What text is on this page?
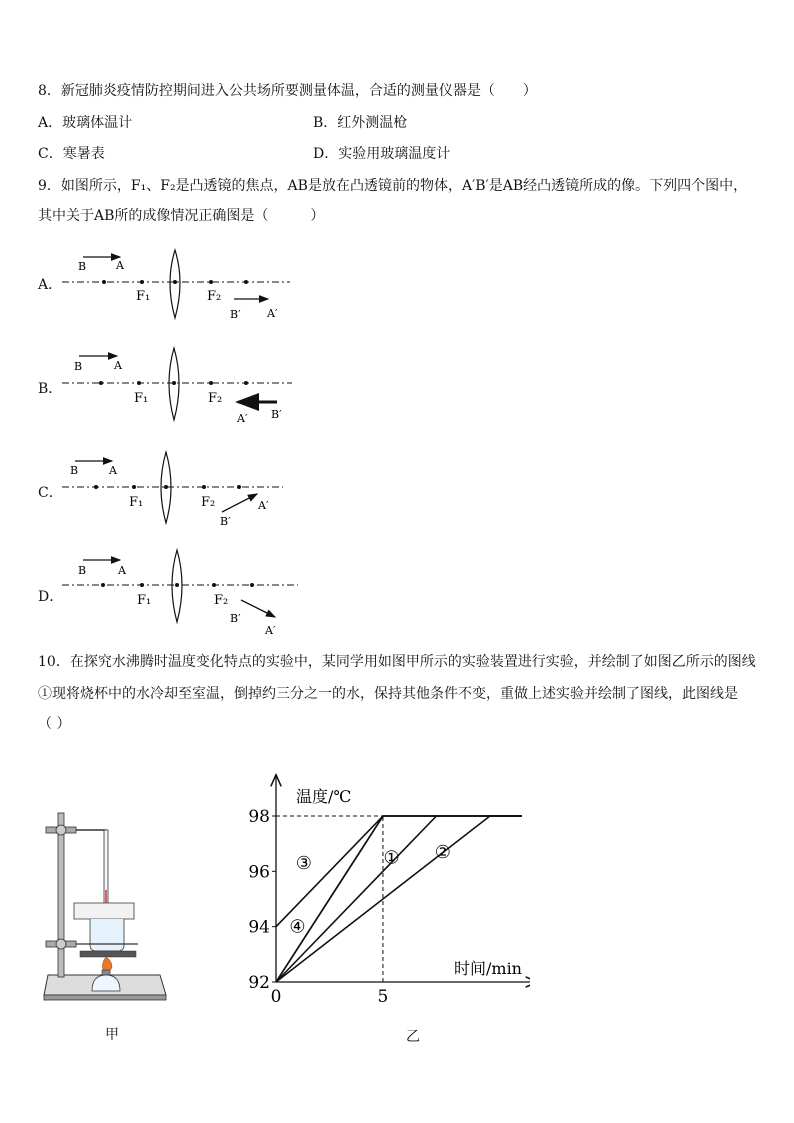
8．新冠肺炎疫情防控期间进入公共场所要测量体温，合适的测量仪器是（　　）
A．玻璃体温计	B．红外测温枪
C．寒暑表	D．实验用玻璃温度计
9．如图所示，F₁、F₂是凸透镜的焦点，AB是放在凸透镜前的物体，A′B′是AB经凸透镜所成的像。下列四个图中，
其中关于AB所的成像情况正确图是（　　　）
A．
B．
C．
D．
B	A
F₁	F₂
B′ A′
B	A
F₁	F₂
A′ B′
B	A
F₁	F₂
B′
A′
B	A
F₁	F₂
B′
A′
10．在探究水沸腾时温度变化特点的实验中，某同学用如图甲所示的实验装置进行实验，并绘制了如图乙所示的图线
①现将烧杯中的水冷却至室温，倒掉约三分之一的水，保持其他条件不变，重做上述实验并绘制了图线，此图线是
（ ）
甲
温度/℃
时间/min
92
94
96
98
0	5
① ②
③
④
乙
